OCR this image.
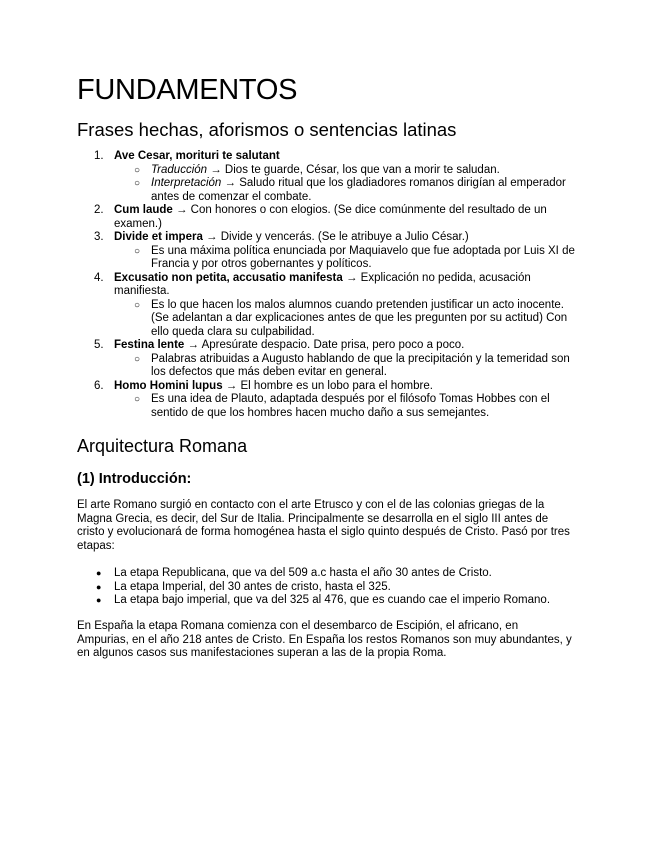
FUNDAMENTOS
Frases hechas, aforismos o sentencias latinas
1. Ave Cesar, morituri te salutant
○ Traducción → Dios te guarde, César, los que van a morir te saludan.
○ Interpretación → Saludo ritual que los gladiadores romanos dirigían al emperador antes de comenzar el combate.
2. Cum laude → Con honores o con elogios. (Se dice comúnmente del resultado de un examen.)
3. Divide et impera → Divide y vencerás. (Se le atribuye a Julio César.)
○ Es una máxima política enunciada por Maquiavelo que fue adoptada por Luis XI de Francia y por otros gobernantes y políticos.
4. Excusatio non petita, accusatio manifesta → Explicación no pedida, acusación manifiesta.
○ Es lo que hacen los malos alumnos cuando pretenden justificar un acto inocente. (Se adelantan a dar explicaciones antes de que les pregunten por su actitud) Con ello queda clara su culpabilidad.
5. Festina lente → Apresúrate despacio. Date prisa, pero poco a poco.
○ Palabras atribuidas a Augusto hablando de que la precipitación y la temeridad son los defectos que más deben evitar en general.
6. Homo Homini lupus → El hombre es un lobo para el hombre.
○ Es una idea de Plauto, adaptada después por el filósofo Tomas Hobbes con el sentido de que los hombres hacen mucho daño a sus semejantes.
Arquitectura Romana
(1) Introducción:

El arte Romano surgió en contacto con el arte Etrusco y con el de las colonias griegas de la Magna Grecia, es decir, del Sur de Italia. Principalmente se desarrolla en el siglo III antes de cristo y evolucionará de forma homogénea hasta el siglo quinto después de Cristo. Pasó por tres etapas:

● La etapa Republicana, que va del 509 a.c hasta el año 30 antes de Cristo.
● La etapa Imperial, del 30 antes de cristo, hasta el 325.
● La etapa bajo imperial, que va del 325 al 476, que es cuando cae el imperio Romano.

En España la etapa Romana comienza con el desembarco de Escipión, el africano, en Ampurias, en el año 218 antes de Cristo. En España los restos Romanos son muy abundantes, y en algunos casos sus manifestaciones superan a las de la propia Roma.
